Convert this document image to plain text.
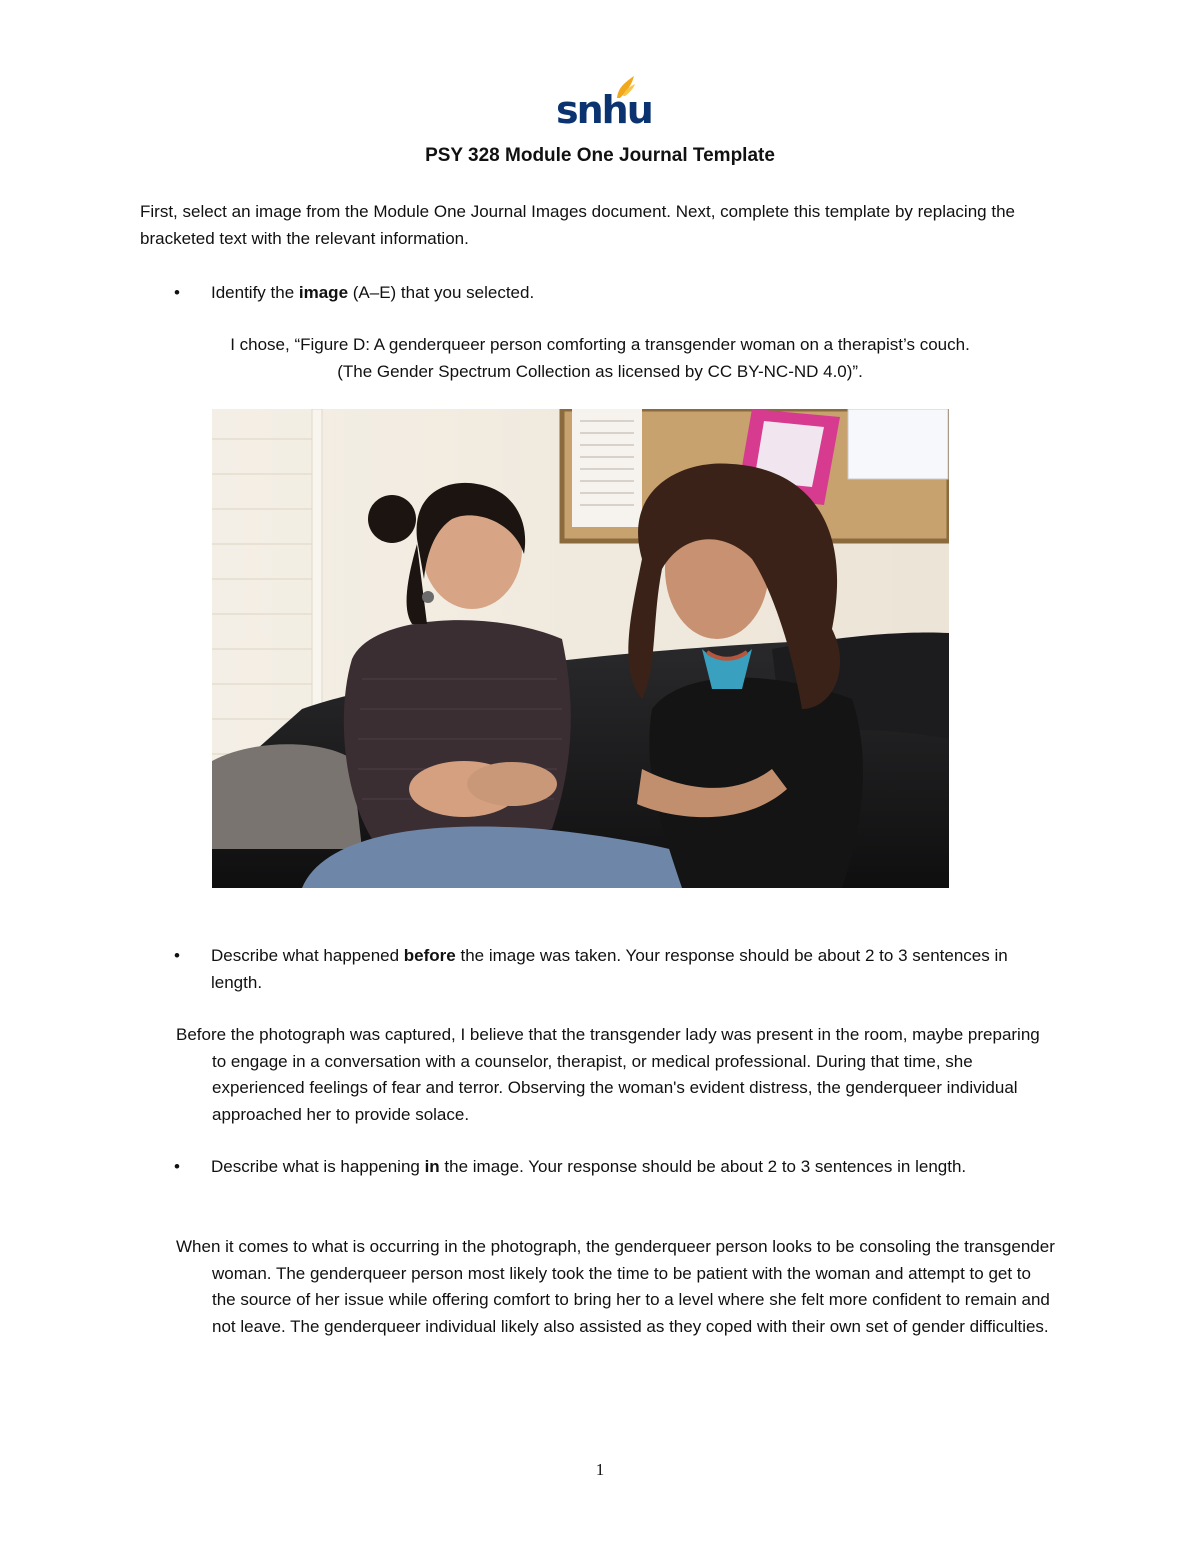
snhu
PSY 328 Module One Journal Template
First, select an image from the Module One Journal Images document. Next, complete this template by replacing the bracketed text with the relevant information.
• Identify the image (A–E) that you selected.
I chose, “Figure D: A genderqueer person comforting a transgender woman on a therapist’s couch.
(The Gender Spectrum Collection as licensed by CC BY-NC-ND 4.0)”.
• Describe what happened before the image was taken. Your response should be about 2 to 3 sentences in length.
Before the photograph was captured, I believe that the transgender lady was present in the room, maybe preparing to engage in a conversation with a counselor, therapist, or medical professional. During that time, she experienced feelings of fear and terror. Observing the woman's evident distress, the genderqueer individual approached her to provide solace.
• Describe what is happening in the image. Your response should be about 2 to 3 sentences in length.
When it comes to what is occurring in the photograph, the genderqueer person looks to be consoling the transgender woman. The genderqueer person most likely took the time to be patient with the woman and attempt to get to the source of her issue while offering comfort to bring her to a level where she felt more confident to remain and not leave. The genderqueer individual likely also assisted as they coped with their own set of gender difficulties.
1
